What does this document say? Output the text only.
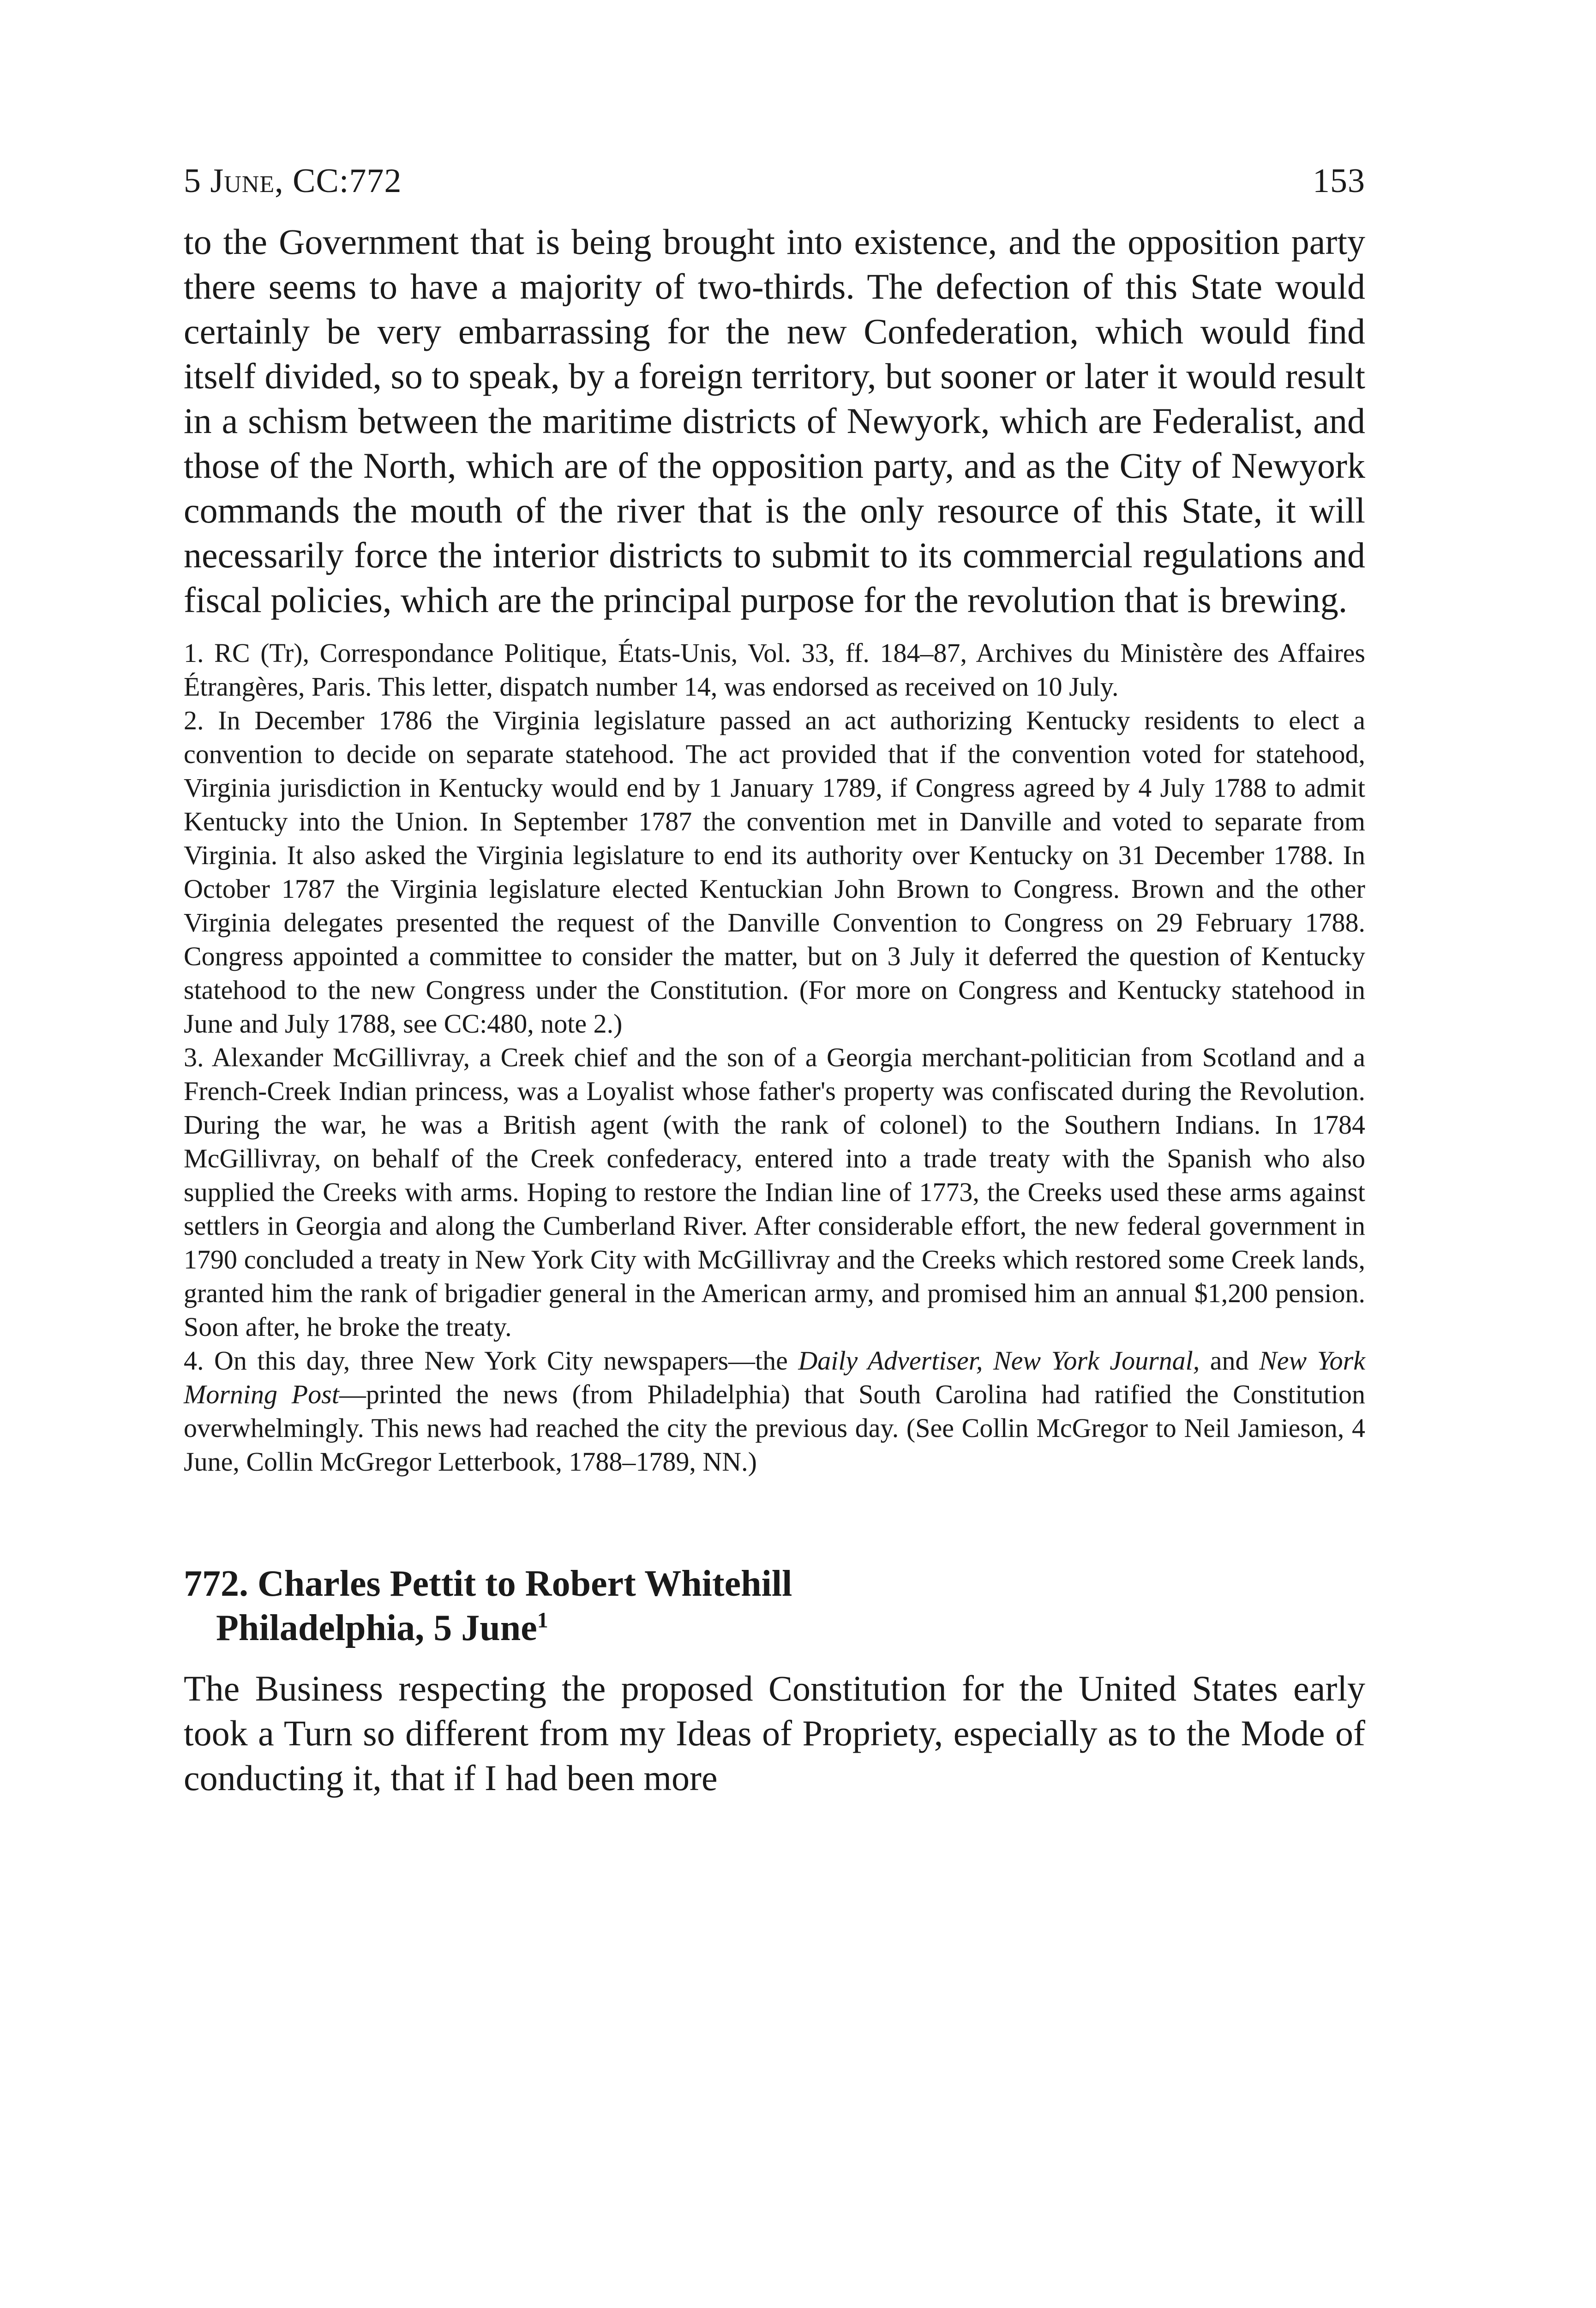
5 June, CC:772	153

to the Government that is being brought into existence, and the opposition party there seems to have a majority of two-thirds. The defection of this State would certainly be very embarrassing for the new Confederation, which would find itself divided, so to speak, by a foreign territory, but sooner or later it would result in a schism between the maritime districts of Newyork, which are Federalist, and those of the North, which are of the opposition party, and as the City of Newyork commands the mouth of the river that is the only resource of this State, it will necessarily force the interior districts to submit to its commercial regulations and fiscal policies, which are the principal purpose for the revolution that is brewing.

1. RC (Tr), Correspondance Politique, États-Unis, Vol. 33, ff. 184–87, Archives du Ministère des Affaires Étrangères, Paris. This letter, dispatch number 14, was endorsed as received on 10 July.

2. In December 1786 the Virginia legislature passed an act authorizing Kentucky residents to elect a convention to decide on separate statehood. The act provided that if the convention voted for statehood, Virginia jurisdiction in Kentucky would end by 1 January 1789, if Congress agreed by 4 July 1788 to admit Kentucky into the Union. In September 1787 the convention met in Danville and voted to separate from Virginia. It also asked the Virginia legislature to end its authority over Kentucky on 31 December 1788. In October 1787 the Virginia legislature elected Kentuckian John Brown to Congress. Brown and the other Virginia delegates presented the request of the Danville Convention to Congress on 29 February 1788. Congress appointed a committee to consider the matter, but on 3 July it deferred the question of Kentucky statehood to the new Congress under the Constitution. (For more on Congress and Kentucky statehood in June and July 1788, see CC:480, note 2.)

3. Alexander McGillivray, a Creek chief and the son of a Georgia merchant-politician from Scotland and a French-Creek Indian princess, was a Loyalist whose father's property was confiscated during the Revolution. During the war, he was a British agent (with the rank of colonel) to the Southern Indians. In 1784 McGillivray, on behalf of the Creek confederacy, entered into a trade treaty with the Spanish who also supplied the Creeks with arms. Hoping to restore the Indian line of 1773, the Creeks used these arms against settlers in Georgia and along the Cumberland River. After considerable effort, the new federal government in 1790 concluded a treaty in New York City with McGillivray and the Creeks which restored some Creek lands, granted him the rank of brigadier general in the American army, and promised him an annual $1,200 pension. Soon after, he broke the treaty.

4. On this day, three New York City newspapers—the Daily Advertiser, New York Journal, and New York Morning Post—printed the news (from Philadelphia) that South Carolina had ratified the Constitution overwhelmingly. This news had reached the city the previous day. (See Collin McGregor to Neil Jamieson, 4 June, Collin McGregor Letterbook, 1788–1789, NN.)

772. Charles Pettit to Robert Whitehill
Philadelphia, 5 June$^1$

The Business respecting the proposed Constitution for the United States early took a Turn so different from my Ideas of Propriety, especially as to the Mode of conducting it, that if I had been more
